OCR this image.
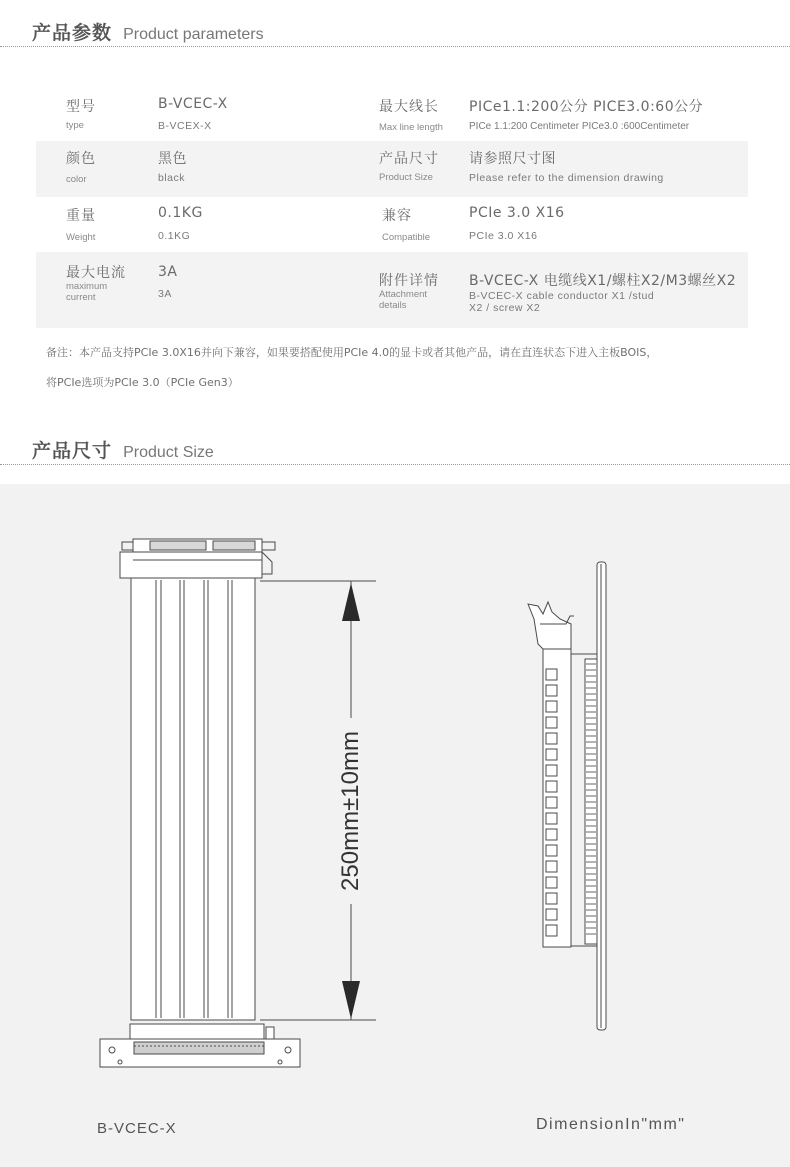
产品参数 Product parameters
型号
type
B-VCEC-X
B-VCEX-X
最大线长
Max line length
PICe1.1:200公分 PICE3.0:60公分
PICe 1.1:200 Centimeter PICe3.0 :600Centimeter
颜色
color
黑色
black
产品尺寸
Product Size
请参照尺寸图
Please refer to the dimension drawing
重量
Weight
0.1KG
0.1KG
兼容
Compatible
PCIe 3.0 X16
PCIe 3.0 X16
最大电流
maximum current
3A
3A
附件详情
Attachment details
B-VCEC-X 电缆线X1/螺柱X2/M3螺丝X2
B-VCEC-X cable conductor X1 /stud X2 / screw X2
备注：本产品支持PCIe 3.0X16并向下兼容，如果要搭配使用PCIe 4.0的显卡或者其他产品，请在直连状态下进入主板BOIS，
将PCIe选项为PCIe 3.0（PCIe Gen3）
产品尺寸 Product Size
250mm±10mm
B-VCEC-X	DimensionIn"mm"
